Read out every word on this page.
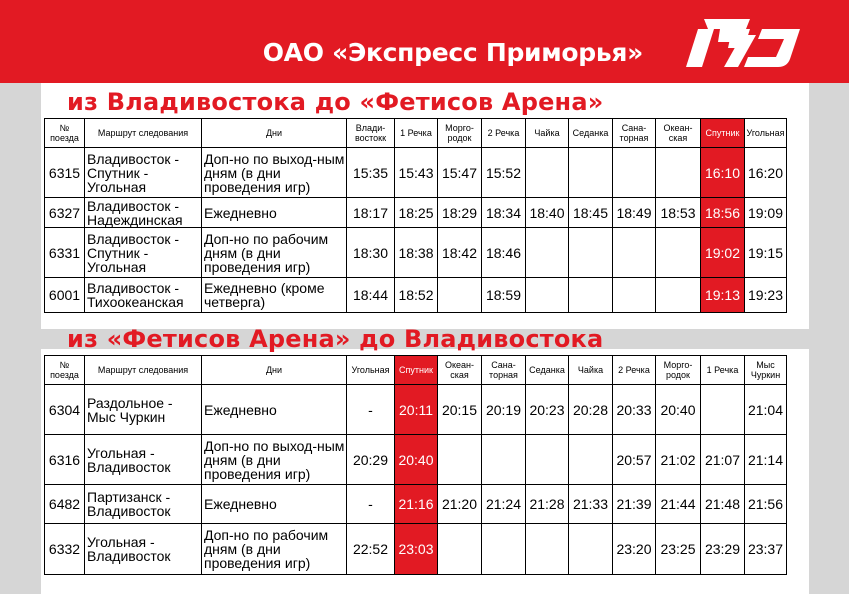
ОАО «Экспресс Приморья»
из Владивостока до «Фетисов Арена»
№ поезда	Маршрут следования	Дни	Влади-востокк	1 Речка	Морго-родок	2 Речка	Чайка	Седанка	Сана-торная	Океан-ская	Спутник	Угольная
6315	Владивосток - Спутник - Угольная	Доп-но по выход-ным дням (в дни проведения игр)	15:35	15:43	15:47	15:52					16:10	16:20
6327	Владивосток - Надеждинская	Ежедневно	18:17	18:25	18:29	18:34	18:40	18:45	18:49	18:53	18:56	19:09
6331	Владивосток - Спутник - Угольная	Доп-но по рабочим дням (в дни проведения игр)	18:30	18:38	18:42	18:46					19:02	19:15
6001	Владивосток - Тихоокеанская	Ежедневно (кроме четверга)	18:44	18:52		18:59					19:13	19:23
из «Фетисов Арена» до Владивостока
№ поезда	Маршрут следования	Дни	Угольная	Спутник	Океан-ская	Сана-торная	Седанка	Чайка	2 Речка	Морго-родок	1 Речка	Мыс Чуркин
6304	Раздольное - Мыс Чуркин	Ежедневно	-	20:11	20:15	20:19	20:23	20:28	20:33	20:40		21:04
6316	Угольная - Владивосток	Доп-но по выход-ным дням (в дни проведения игр)	20:29	20:40					20:57	21:02	21:07	21:14
6482	Партизанск - Владивосток	Ежедневно	-	21:16	21:20	21:24	21:28	21:33	21:39	21:44	21:48	21:56
6332	Угольная - Владивосток	Доп-но по рабочим дням (в дни проведения игр)	22:52	23:03					23:20	23:25	23:29	23:37
